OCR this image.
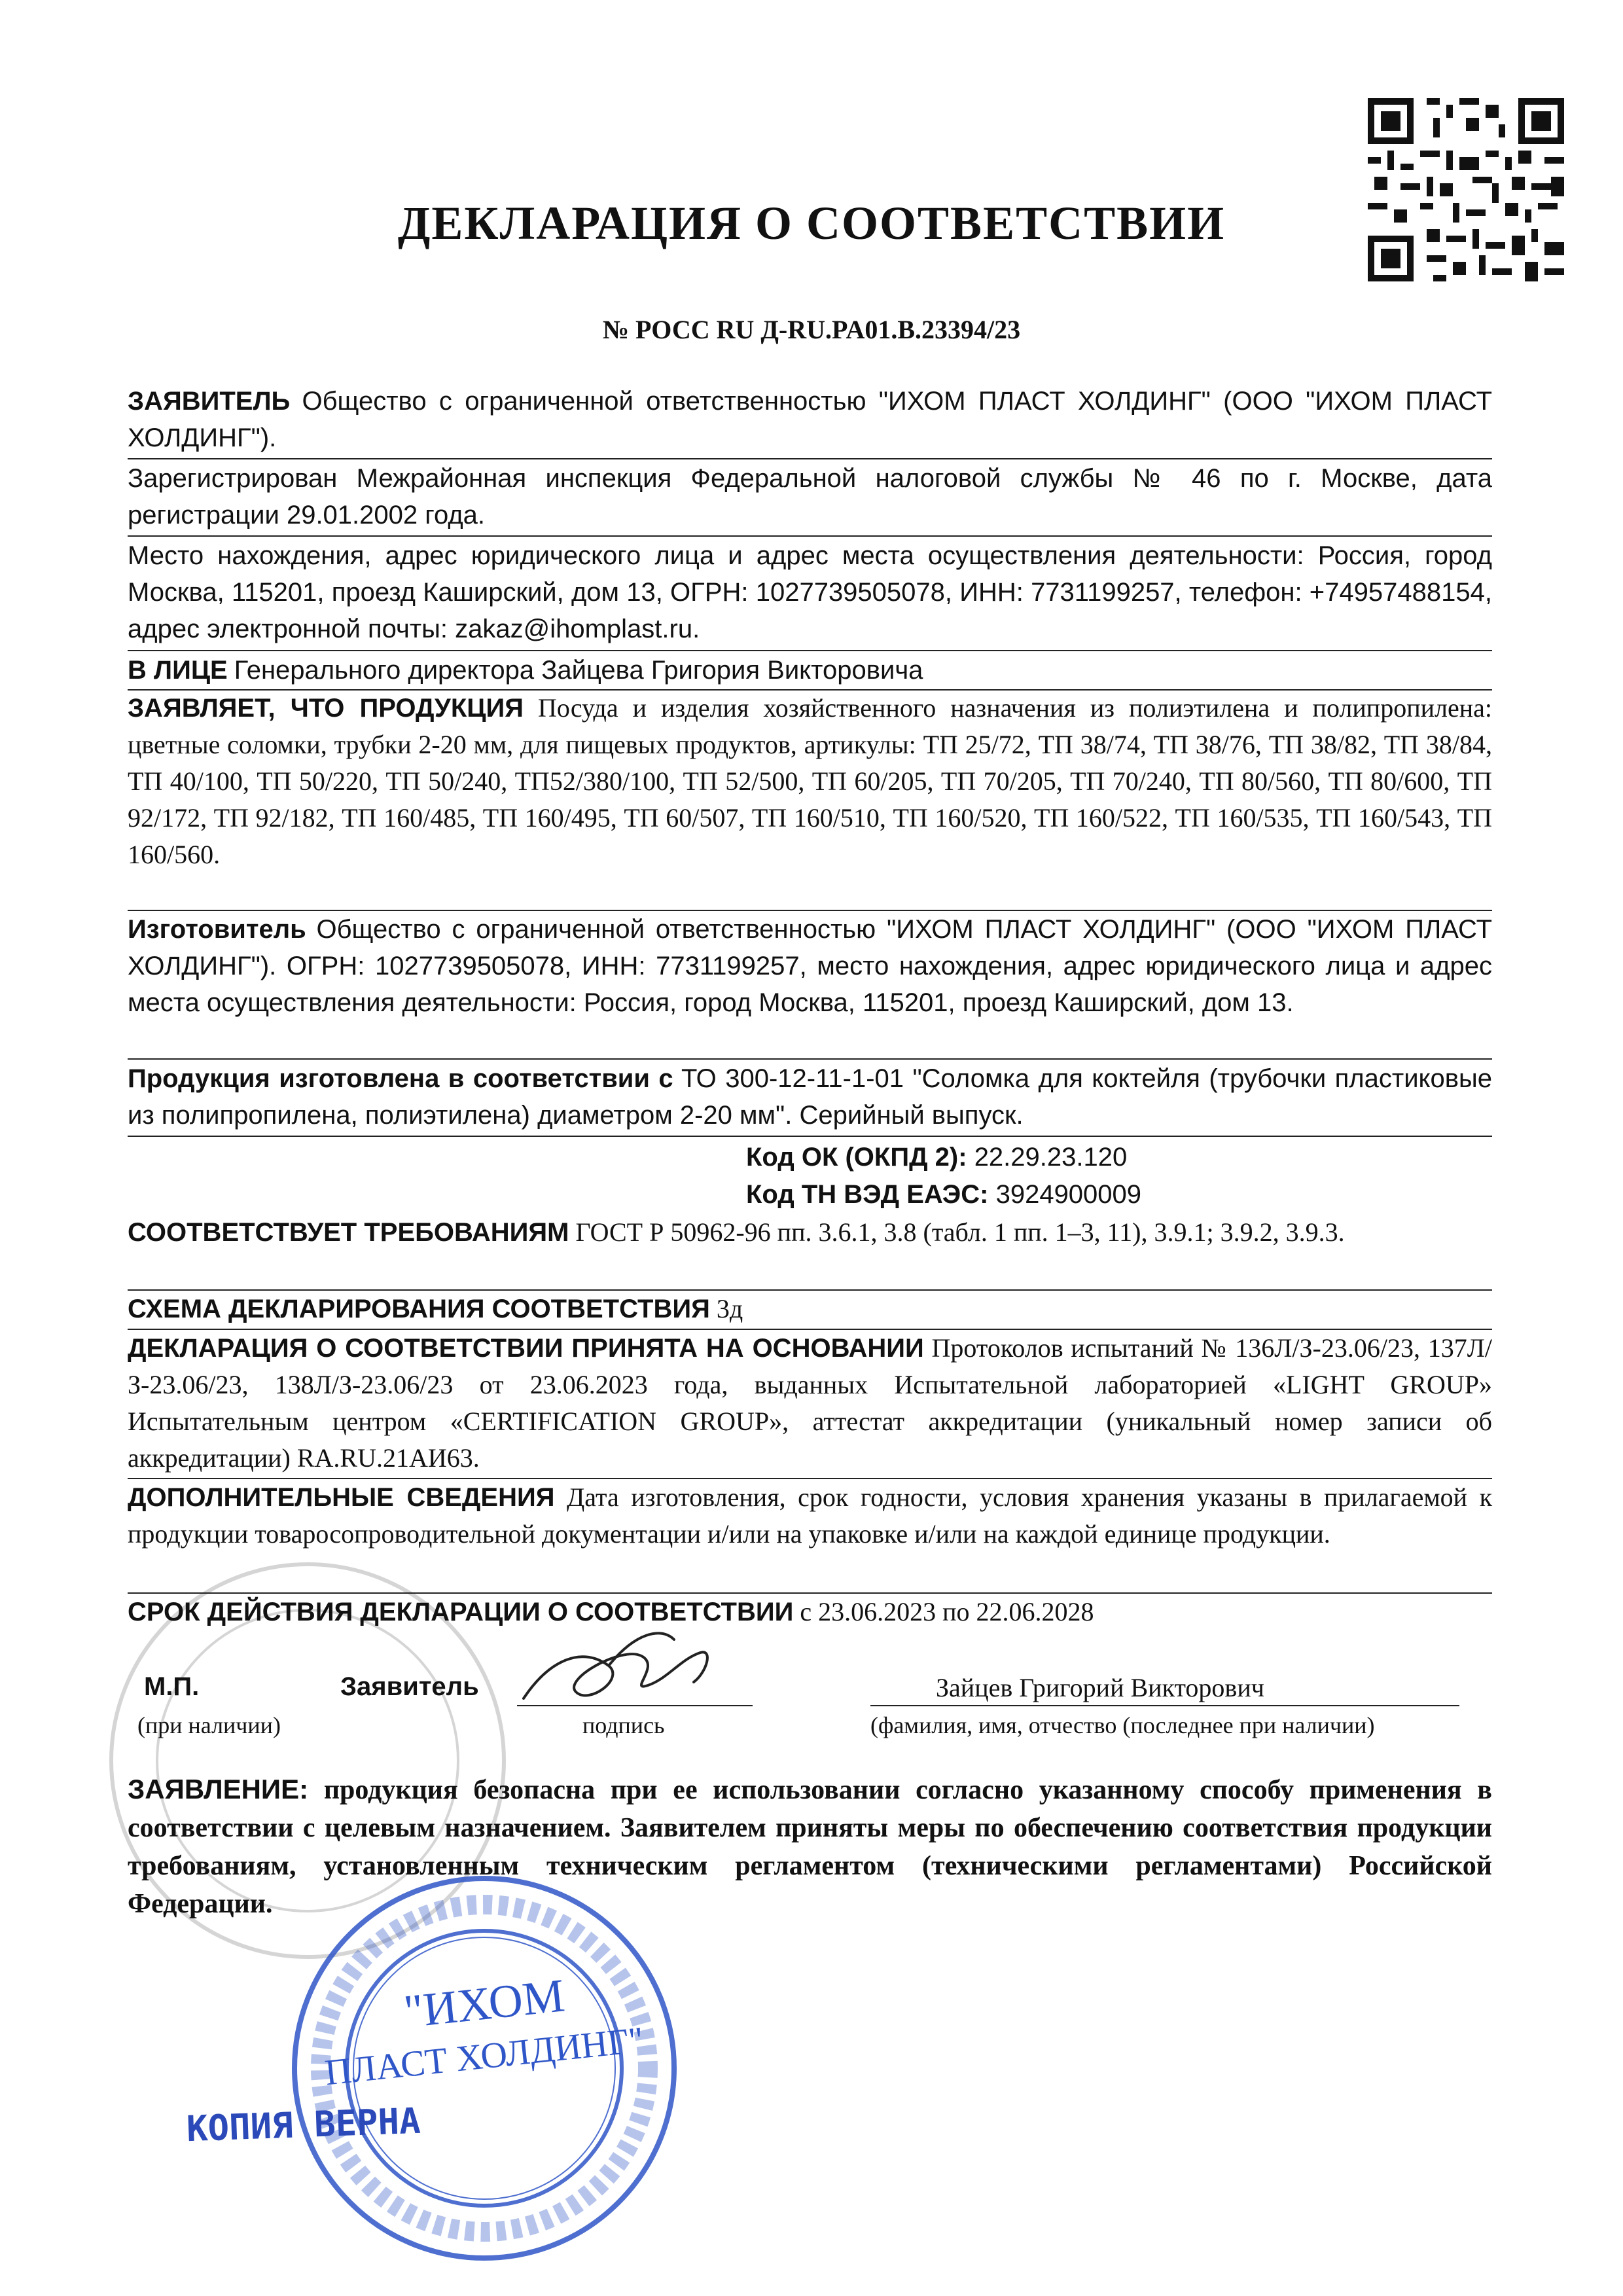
ДЕКЛАРАЦИЯ О СООТВЕТСТВИИ
№ РОСС RU Д-RU.PA01.B.23394/23
ЗАЯВИТЕЛЬ Общество с ограниченной ответственностью "ИХОМ ПЛАСТ ХОЛДИНГ" (ООО "ИХОМ ПЛАСТ ХОЛДИНГ").
Зарегистрирован Межрайонная инспекция Федеральной налоговой службы № 46 по г. Москве, дата регистрации 29.01.2002 года.
Место нахождения, адрес юридического лица и адрес места осуществления деятельности: Россия, город Москва, 115201, проезд Каширский, дом 13, ОГРН: 1027739505078, ИНН: 7731199257, телефон: +74957488154, адрес электронной почты: zakaz@ihomplast.ru.
В ЛИЦЕ Генерального директора Зайцева Григория Викторовича
ЗАЯВЛЯЕТ, ЧТО ПРОДУКЦИЯ Посуда и изделия хозяйственного назначения из полиэтилена и полипропилена: цветные соломки, трубки 2-20 мм, для пищевых продуктов, артикулы: ТП 25/72, ТП 38/74, ТП 38/76, ТП 38/82, ТП 38/84, ТП 40/100, ТП 50/220, ТП 50/240, ТП52/380/100, ТП 52/500, ТП 60/205, ТП 70/205, ТП 70/240, ТП 80/560, ТП 80/600, ТП 92/172, ТП 92/182, ТП 160/485, ТП 160/495, ТП 60/507, ТП 160/510, ТП 160/520, ТП 160/522, ТП 160/535, ТП 160/543, ТП 160/560.
Изготовитель Общество с ограниченной ответственностью "ИХОМ ПЛАСТ ХОЛДИНГ" (ООО "ИХОМ ПЛАСТ ХОЛДИНГ"). ОГРН: 1027739505078, ИНН: 7731199257, место нахождения, адрес юридического лица и адрес места осуществления деятельности: Россия, город Москва, 115201, проезд Каширский, дом 13.
Продукция изготовлена в соответствии с ТО 300-12-11-1-01 "Соломка для коктейля (трубочки пластиковые из полипропилена, полиэтилена) диаметром 2-20 мм". Серийный выпуск.
Код ОК (ОКПД 2): 22.29.23.120
Код ТН ВЭД ЕАЭС: 3924900009
СООТВЕТСТВУЕТ ТРЕБОВАНИЯМ ГОСТ Р 50962-96 пп. 3.6.1, 3.8 (табл. 1 пп. 1–3, 11), 3.9.1; 3.9.2, 3.9.3.
СХЕМА ДЕКЛАРИРОВАНИЯ СООТВЕТСТВИЯ 3д
ДЕКЛАРАЦИЯ О СООТВЕТСТВИИ ПРИНЯТА НА ОСНОВАНИИ Протоколов испытаний № 136Л/З-23.06/23, 137Л/З-23.06/23, 138Л/З-23.06/23 от 23.06.2023 года, выданных Испытательной лабораторией «LIGHT GROUP» Испытательным центром «CERTIFICATION GROUP», аттестат аккредитации (уникальный номер записи об аккредитации) RA.RU.21АИ63.
ДОПОЛНИТЕЛЬНЫЕ СВЕДЕНИЯ Дата изготовления, срок годности, условия хранения указаны в прилагаемой к продукции товаросопроводительной документации и/или на упаковке и/или на каждой единице продукции.
СРОК ДЕЙСТВИЯ ДЕКЛАРАЦИИ О СООТВЕТСТВИИ с 23.06.2023 по 22.06.2028
М.П.	Заявитель	Зайцев Григорий Викторович
(при наличии)	подпись	(фамилия, имя, отчество (последнее при наличии)
ЗАЯВЛЕНИЕ: продукция безопасна при ее использовании согласно указанному способу применения в соответствии с целевым назначением. Заявителем приняты меры по обеспечению соответствия продукции требованиям, установленным техническим регламентом (техническими регламентами) Российской Федерации.
"ИХОМ
ПЛАСТ ХОЛДИНГ"
КОПИЯ ВЕРНА
